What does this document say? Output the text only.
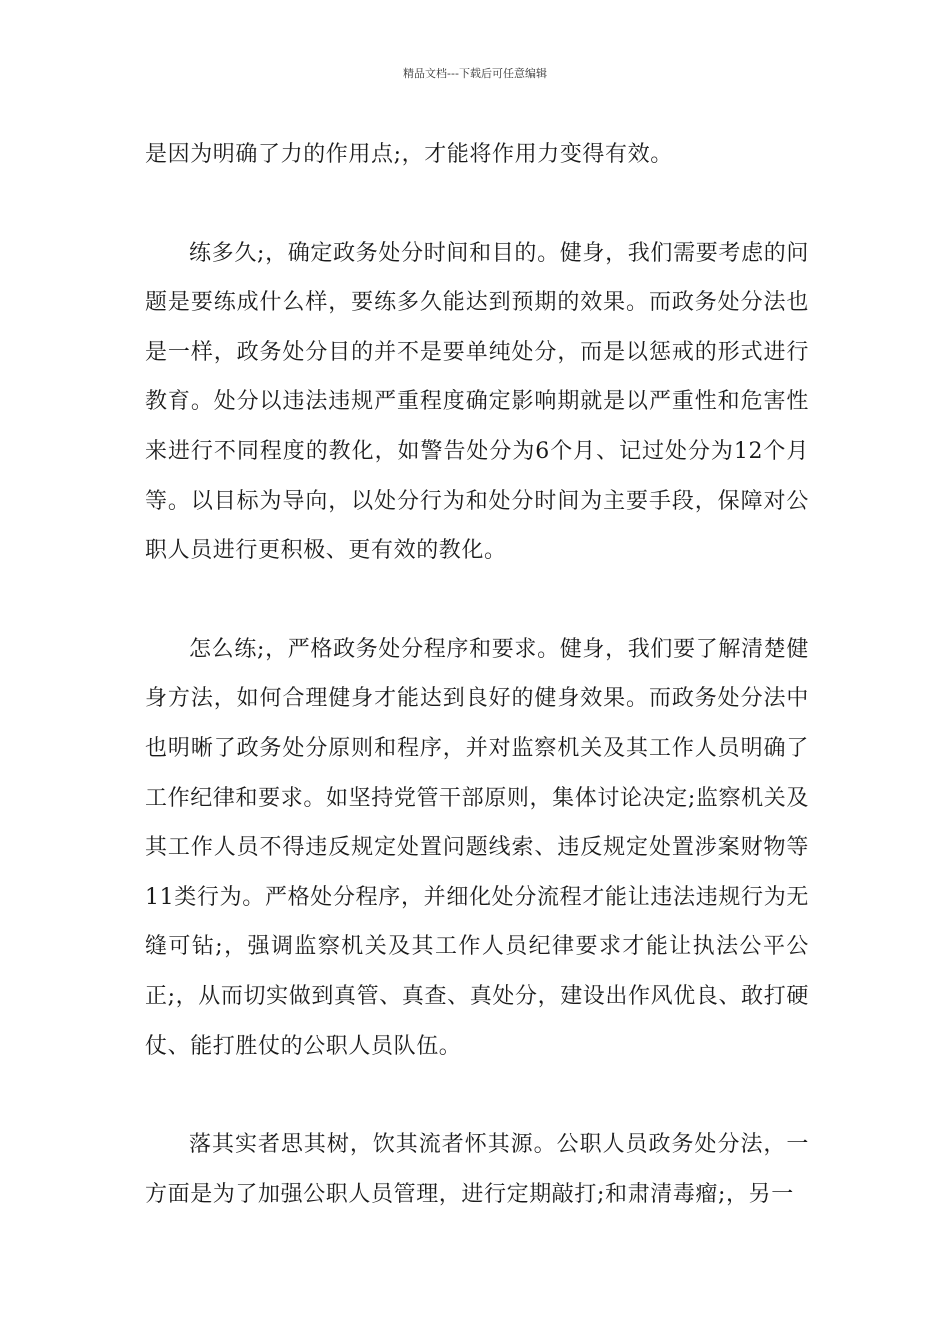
精品文档---下载后可任意编辑

是因为明确了力的作用点;，才能将作用力变得有效。

练多久;，确定政务处分时间和目的。健身，我们需要考虑的问题是要练成什么样，要练多久能达到预期的效果。而政务处分法也是一样，政务处分目的并不是要单纯处分，而是以惩戒的形式进行教育。处分以违法违规严重程度确定影响期就是以严重性和危害性来进行不同程度的教化，如警告处分为6个月、记过处分为12个月等。以目标为导向，以处分行为和处分时间为主要手段，保障对公职人员进行更积极、更有效的教化。

怎么练;，严格政务处分程序和要求。健身，我们要了解清楚健身方法，如何合理健身才能达到良好的健身效果。而政务处分法中也明晰了政务处分原则和程序，并对监察机关及其工作人员明确了工作纪律和要求。如坚持党管干部原则，集体讨论决定;监察机关及其工作人员不得违反规定处置问题线索、违反规定处置涉案财物等11类行为。严格处分程序，并细化处分流程才能让违法违规行为无缝可钻;，强调监察机关及其工作人员纪律要求才能让执法公平公正;，从而切实做到真管、真查、真处分，建设出作风优良、敢打硬仗、能打胜仗的公职人员队伍。

落其实者思其树，饮其流者怀其源。公职人员政务处分法，一方面是为了加强公职人员管理，进行定期敲打;和肃清毒瘤;，另一
